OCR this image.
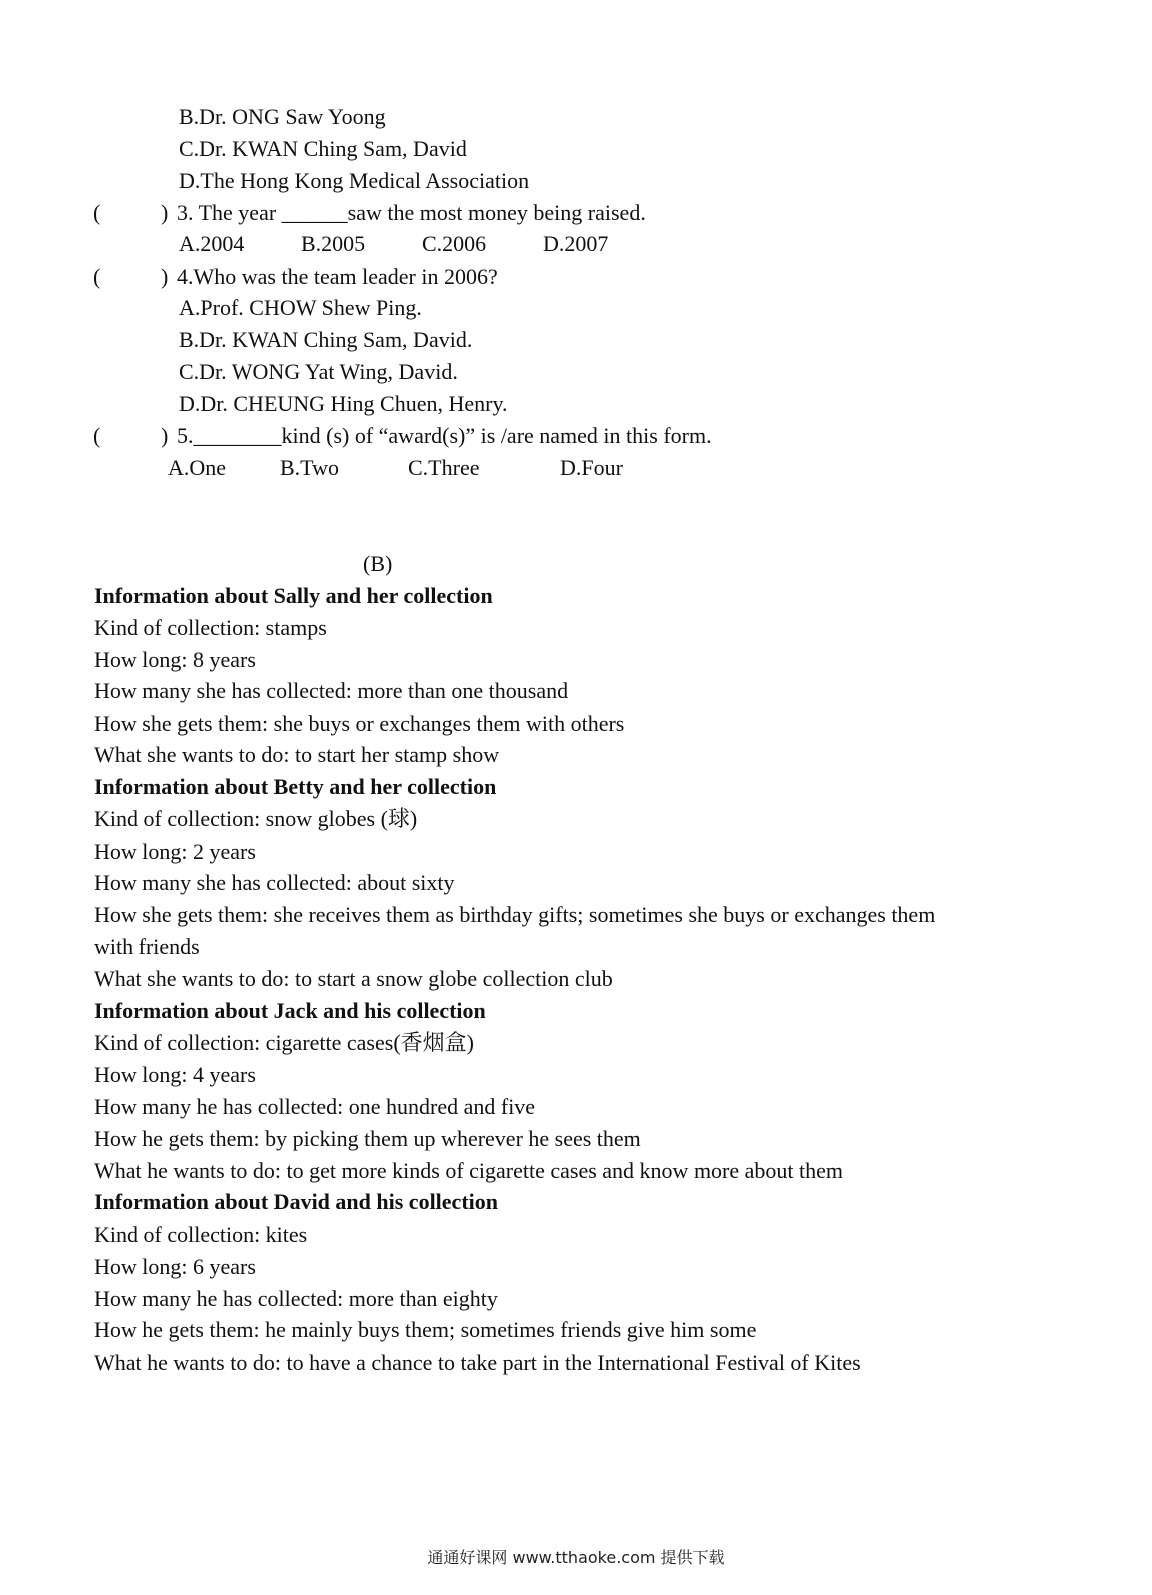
B.Dr. ONG Saw Yoong
C.Dr. KWAN Ching Sam, David
D.The Hong Kong Medical Association
(	) 3. The year ______saw the most money being raised.
A.2004	B.2005	C.2006	D.2007
(	) 4.Who was the team leader in 2006?
A.Prof. CHOW Shew Ping.
B.Dr. KWAN Ching Sam, David.
C.Dr. WONG Yat Wing, David.
D.Dr. CHEUNG Hing Chuen, Henry.
(	) 5.________kind (s) of “award(s)” is /are named in this form.
A.One B.Two	C.Three	D.Four
(B)
Information about Sally and her collection
Kind of collection: stamps
How long: 8 years
How many she has collected: more than one thousand
How she gets them: she buys or exchanges them with others
What she wants to do: to start her stamp show
Information about Betty and her collection
Kind of collection: snow globes (球)
How long: 2 years
How many she has collected: about sixty
How she gets them: she receives them as birthday gifts; sometimes she buys or exchanges them
with friends
What she wants to do: to start a snow globe collection club
Information about Jack and his collection
Kind of collection: cigarette cases(香烟盒)
How long: 4 years
How many he has collected: one hundred and five
How he gets them: by picking them up wherever he sees them
What he wants to do: to get more kinds of cigarette cases and know more about them
Information about David and his collection
Kind of collection: kites
How long: 6 years
How many he has collected: more than eighty
How he gets them: he mainly buys them; sometimes friends give him some
What he wants to do: to have a chance to take part in the International Festival of Kites
通通好课网 www.tthaoke.com 提供下载
